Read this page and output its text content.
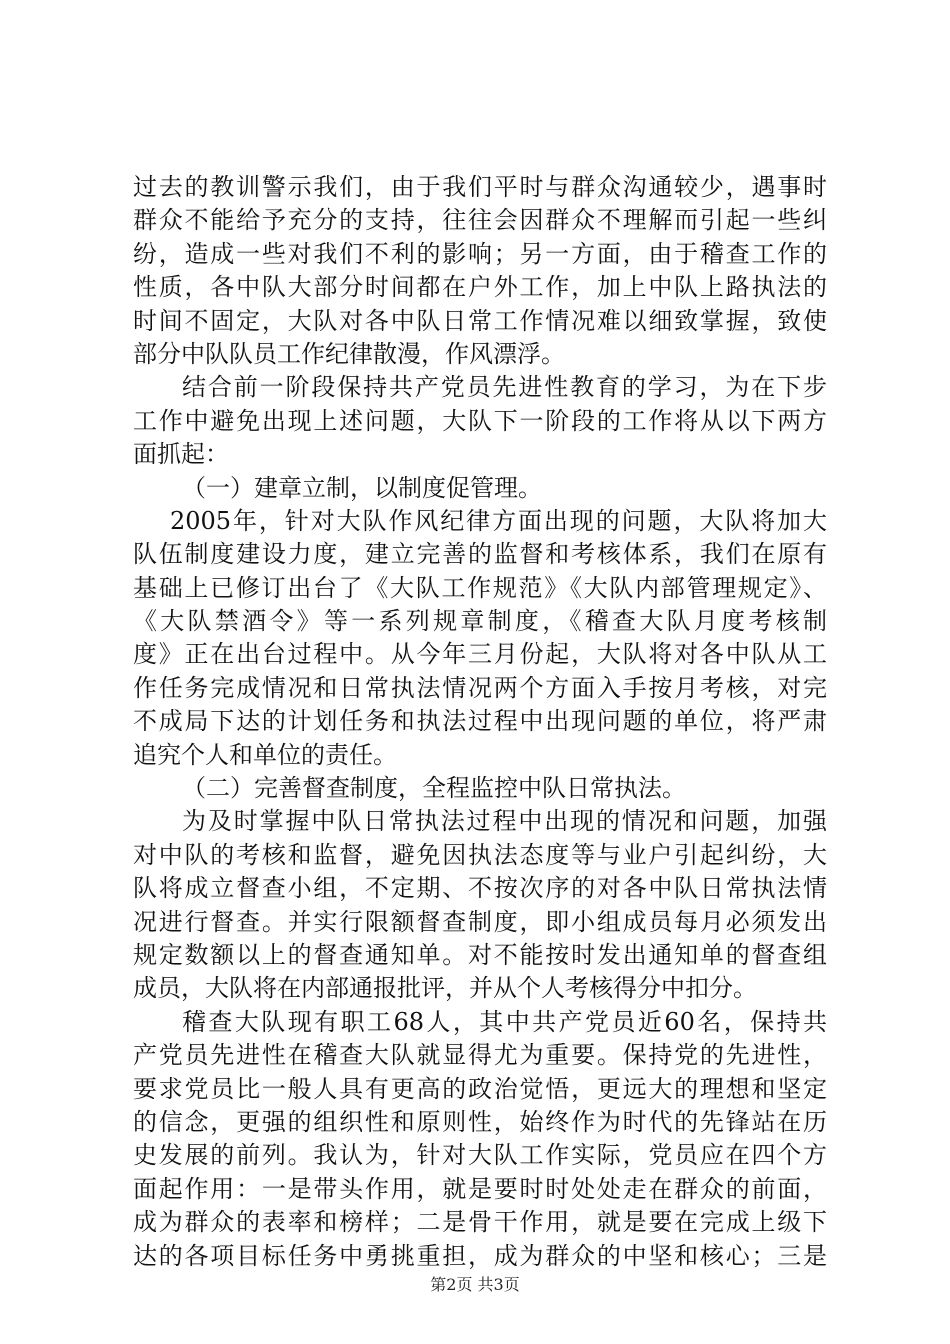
过去的教训警示我们，由于我们平时与群众沟通较少，遇事时
群众不能给予充分的支持，往往会因群众不理解而引起一些纠
纷，造成一些对我们不利的影响；另一方面，由于稽查工作的
性质，各中队大部分时间都在户外工作，加上中队上路执法的
时间不固定，大队对各中队日常工作情况难以细致掌握，致使
部分中队队员工作纪律散漫，作风漂浮。
结合前一阶段保持共产党员先进性教育的学习，为在下步
工作中避免出现上述问题，大队下一阶段的工作将从以下两方
面抓起：
（一）建章立制，以制度促管理。
2005年，针对大队作风纪律方面出现的问题，大队将加大
队伍制度建设力度，建立完善的监督和考核体系，我们在原有
基础上已修订出台了《大队工作规范》《大队内部管理规定》、
《大队禁酒令》等一系列规章制度，《稽查大队月度考核制
度》正在出台过程中。从今年三月份起，大队将对各中队从工
作任务完成情况和日常执法情况两个方面入手按月考核，对完
不成局下达的计划任务和执法过程中出现问题的单位，将严肃
追究个人和单位的责任。
（二）完善督查制度，全程监控中队日常执法。
为及时掌握中队日常执法过程中出现的情况和问题，加强
对中队的考核和监督，避免因执法态度等与业户引起纠纷，大
队将成立督查小组，不定期、不按次序的对各中队日常执法情
况进行督查。并实行限额督查制度，即小组成员每月必须发出
规定数额以上的督查通知单。对不能按时发出通知单的督查组
成员，大队将在内部通报批评，并从个人考核得分中扣分。
稽查大队现有职工68人，其中共产党员近60名，保持共
产党员先进性在稽查大队就显得尤为重要。保持党的先进性，
要求党员比一般人具有更高的政治觉悟，更远大的理想和坚定
的信念，更强的组织性和原则性，始终作为时代的先锋站在历
史发展的前列。我认为，针对大队工作实际，党员应在四个方
面起作用：一是带头作用，就是要时时处处走在群众的前面，
成为群众的表率和榜样；二是骨干作用，就是要在完成上级下
达的各项目标任务中勇挑重担，成为群众的中坚和核心；三是
第2页 共3页
